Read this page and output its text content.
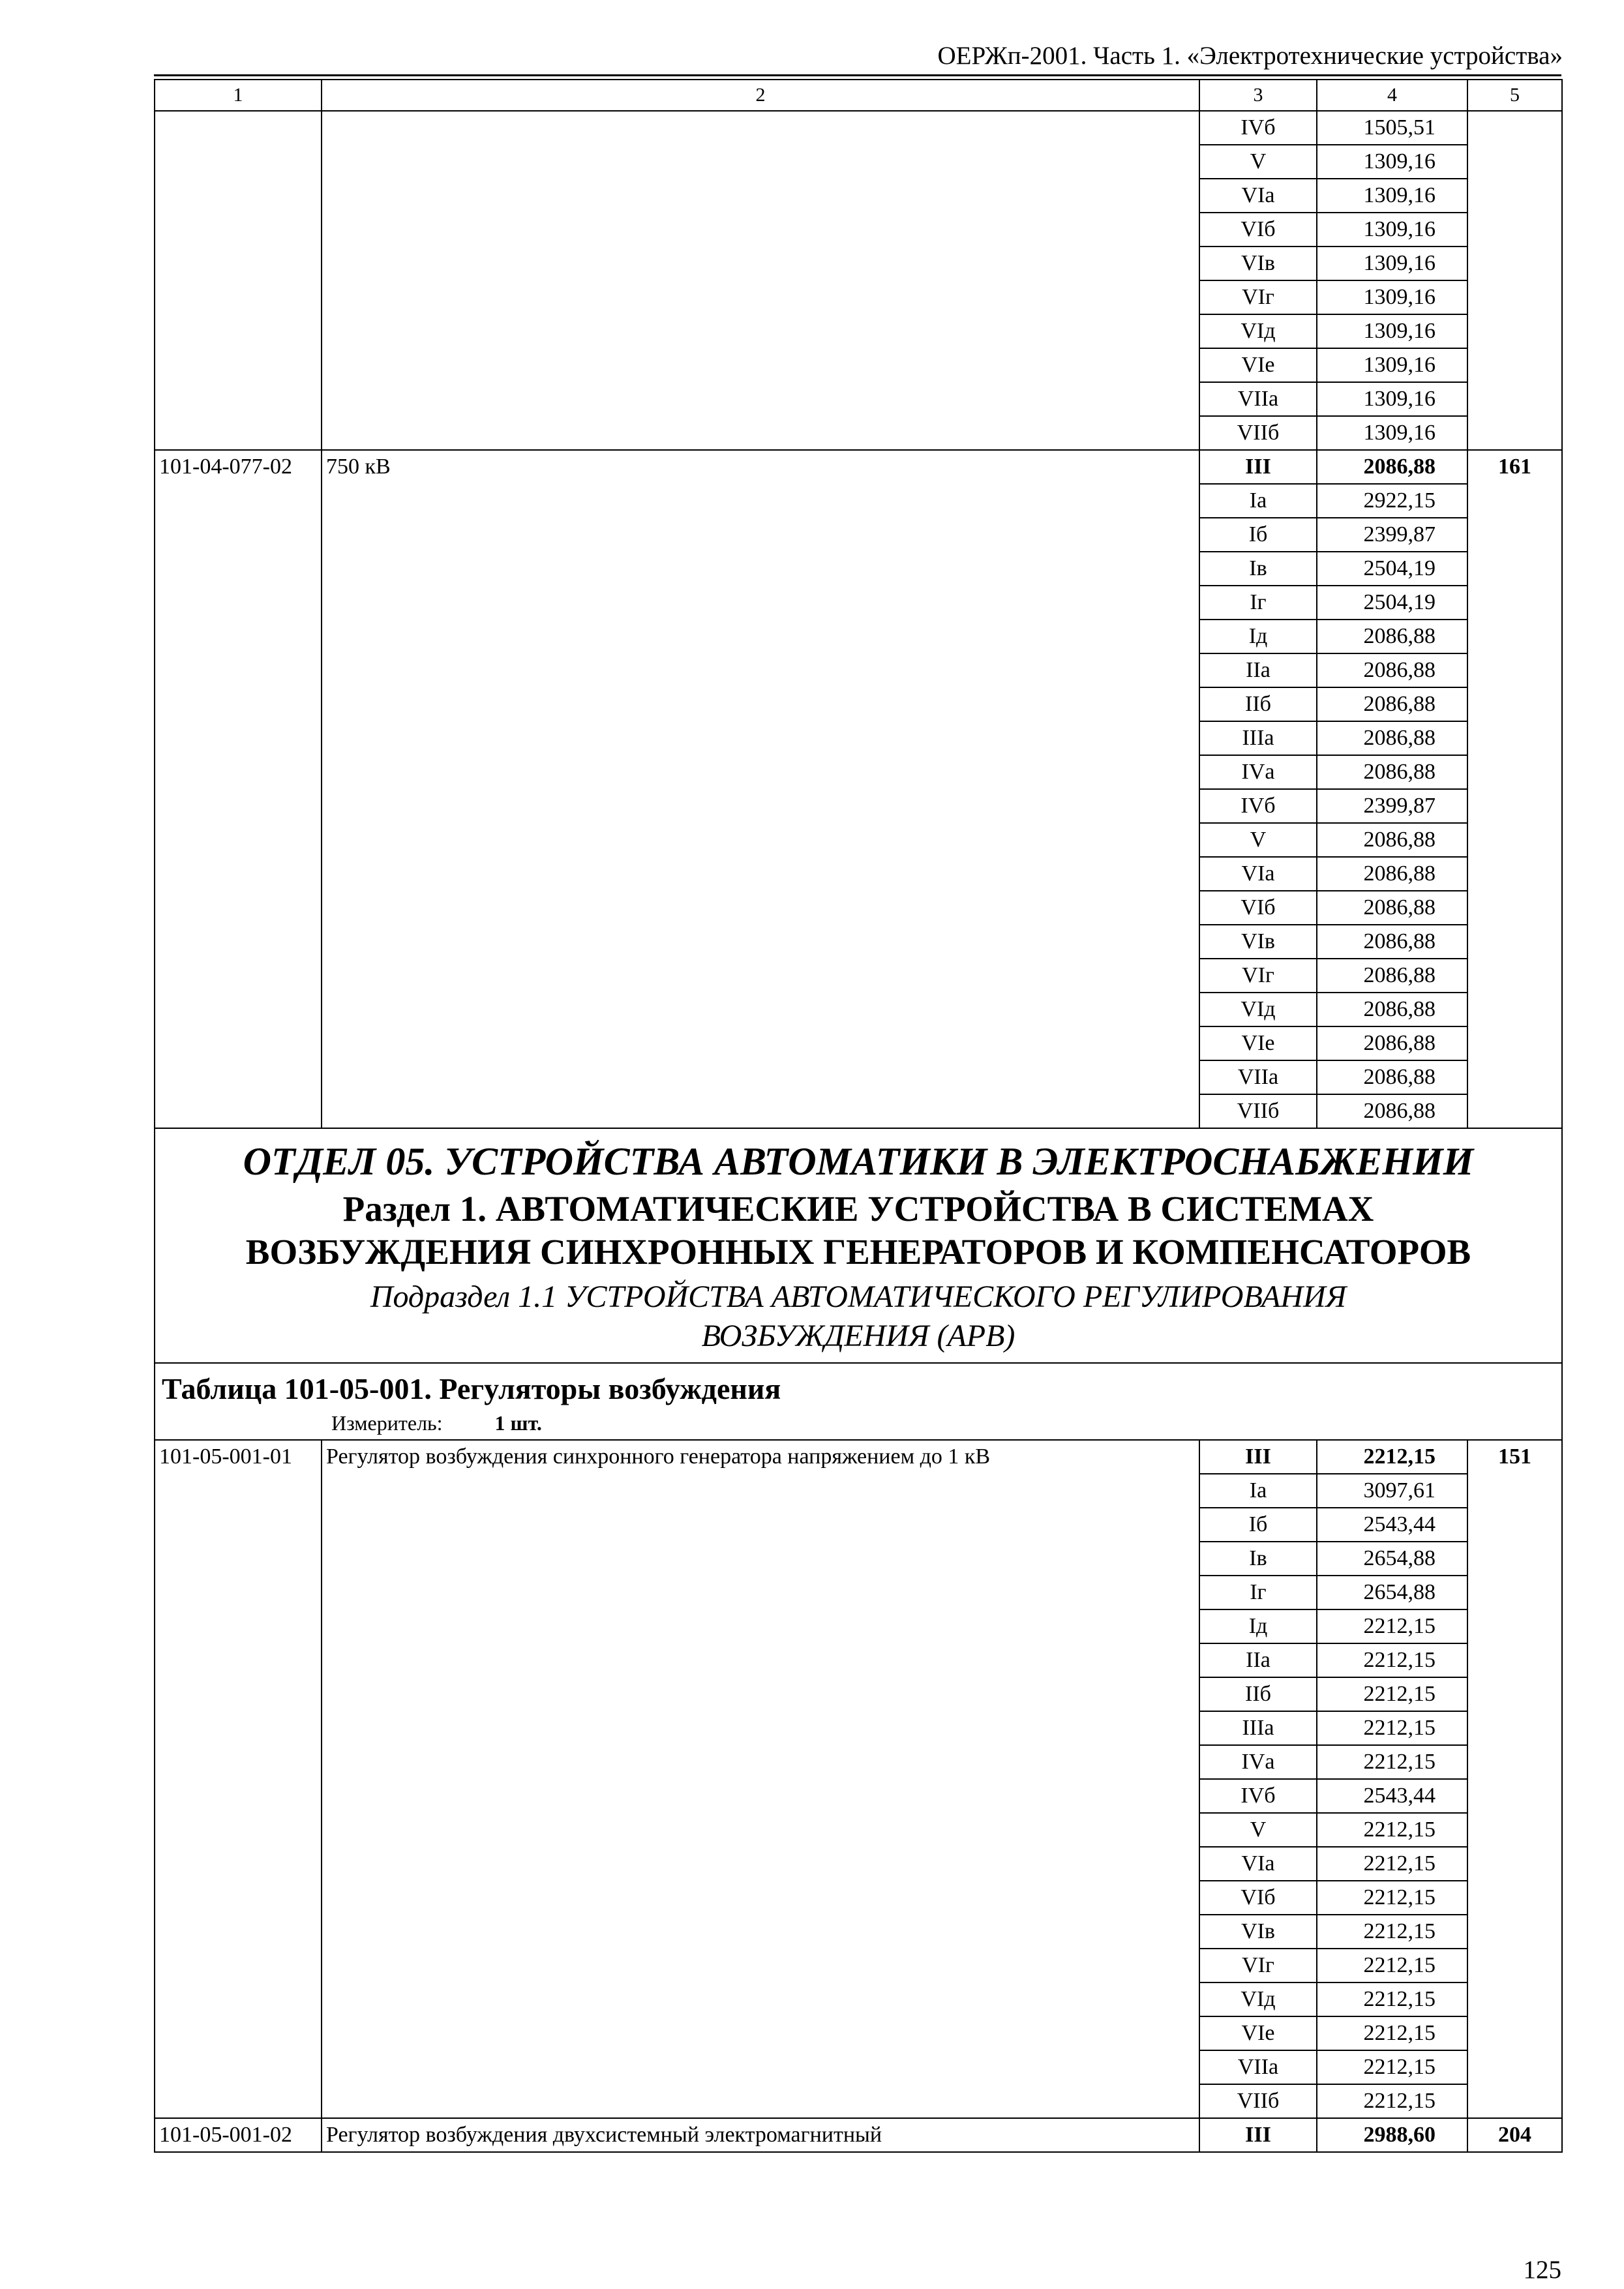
ОЕРЖп-2001. Часть 1. «Электротехнические устройства»
1	2	3	4	5
		IVб	1505,51	
		V	1309,16	
		VIа	1309,16	
		VIб	1309,16	
		VIв	1309,16	
		VIг	1309,16	
		VIд	1309,16	
		VIе	1309,16	
		VIIа	1309,16	
		VIIб	1309,16	
101-04-077-02	750 кВ	III	2086,88	161
		Iа	2922,15	
		Iб	2399,87	
		Iв	2504,19	
		Iг	2504,19	
		Iд	2086,88	
		IIа	2086,88	
		IIб	2086,88	
		IIIа	2086,88	
		IVа	2086,88	
		IVб	2399,87	
		V	2086,88	
		VIа	2086,88	
		VIб	2086,88	
		VIв	2086,88	
		VIг	2086,88	
		VIд	2086,88	
		VIе	2086,88	
		VIIа	2086,88	
		VIIб	2086,88	

ОТДЕЛ 05. УСТРОЙСТВА АВТОМАТИКИ В ЭЛЕКТРОСНАБЖЕНИИ
Раздел 1. АВТОМАТИЧЕСКИЕ УСТРОЙСТВА В СИСТЕМАХ
ВОЗБУЖДЕНИЯ СИНХРОННЫХ ГЕНЕРАТОРОВ И КОМПЕНСАТОРОВ
Подраздел 1.1 УСТРОЙСТВА АВТОМАТИЧЕСКОГО РЕГУЛИРОВАНИЯ
ВОЗБУЖДЕНИЯ (АРВ)				

Таблица 101-05-001. Регуляторы возбуждения
Измеритель: 1 шт.				

101-05-001-01	Регулятор возбуждения синхронного генератора напряжением до 1 кВ	III	2212,15	151
		Iа	3097,61	
		Iб	2543,44	
		Iв	2654,88	
		Iг	2654,88	
		Iд	2212,15	
		IIа	2212,15	
		IIб	2212,15	
		IIIа	2212,15	
		IVа	2212,15	
		IVб	2543,44	
		V	2212,15	
		VIа	2212,15	
		VIб	2212,15	
		VIв	2212,15	
		VIг	2212,15	
		VIд	2212,15	
		VIе	2212,15	
		VIIа	2212,15	
		VIIб	2212,15	
101-05-001-02	Регулятор возбуждения двухсистемный электромагнитный	III	2988,60	204
125
